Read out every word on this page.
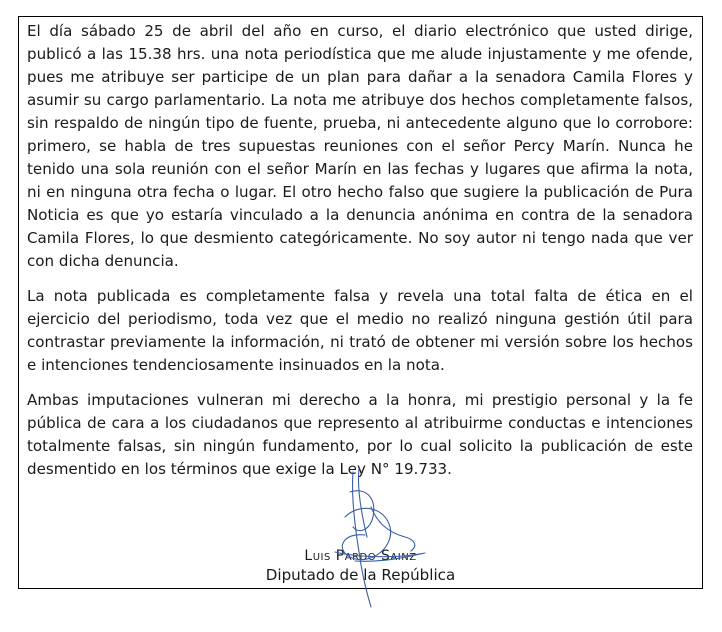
El día sábado 25 de abril del año en curso, el diario electrónico que usted dirige, publicó a las 15.38 hrs. una nota periodística que me alude injustamente y me ofende, pues me atribuye ser participe de un plan para dañar a la senadora Camila Flores y asumir su cargo parlamentario. La nota me atribuye dos hechos completamente falsos, sin respaldo de ningún tipo de fuente, prueba, ni antecedente alguno que lo corrobore: primero, se habla de tres supuestas reuniones con el señor Percy Marín. Nunca he tenido una sola reunión con el señor Marín en las fechas y lugares que afirma la nota, ni en ninguna otra fecha o lugar. El otro hecho falso que sugiere la publicación de Pura Noticia es que yo estaría vinculado a la denuncia anónima en contra de la senadora Camila Flores, lo que desmiento categóricamente. No soy autor ni tengo nada que ver con dicha denuncia.

La nota publicada es completamente falsa y revela una total falta de ética en el ejercicio del periodismo, toda vez que el medio no realizó ninguna gestión útil para contrastar previamente la información, ni trató de obtener mi versión sobre los hechos e intenciones tendenciosamente insinuados en la nota.

Ambas imputaciones vulneran mi derecho a la honra, mi prestigio personal y la fe pública de cara a los ciudadanos que represento al atribuirme conductas e intenciones totalmente falsas, sin ningún fundamento, por lo cual solicito la publicación de este desmentido en los términos que exige la Ley N° 19.733.

Luis Pardo Sainz
Diputado de la República
